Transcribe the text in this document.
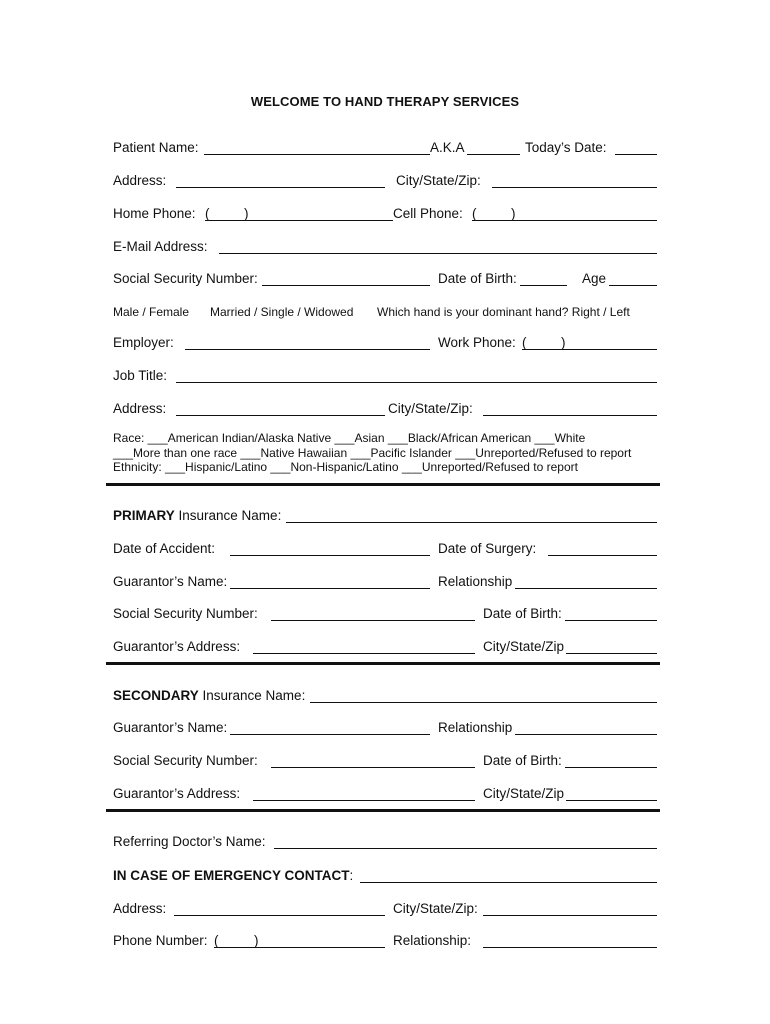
WELCOME TO HAND THERAPY SERVICES
Patient Name:	A.K.A	Today’s Date:
Address:	City/State/Zip:
Home Phone: (	)	Cell Phone: (	)
E-Mail Address:
Social Security Number:	Date of Birth:	Age
Male / Female Married / Single / Widowed Which hand is your dominant hand? Right / Left
Employer:	Work Phone: (	)
Job Title:
Address:	City/State/Zip:
Race: ___American Indian/Alaska Native ___Asian ___Black/African American ___White
___More than one race ___Native Hawaiian ___Pacific Islander ___Unreported/Refused to report
Ethnicity: ___Hispanic/Latino ___Non-Hispanic/Latino ___Unreported/Refused to report
PRIMARY Insurance Name:
Date of Accident:	Date of Surgery:
Guarantor’s Name:	Relationship
Social Security Number:	Date of Birth:
Guarantor’s Address:	City/State/Zip
SECONDARY Insurance Name:
Guarantor’s Name:	Relationship
Social Security Number:	Date of Birth:
Guarantor’s Address:	City/State/Zip
Referring Doctor’s Name:
IN CASE OF EMERGENCY CONTACT:
Address:	City/State/Zip:
Phone Number: (	)	Relationship:
